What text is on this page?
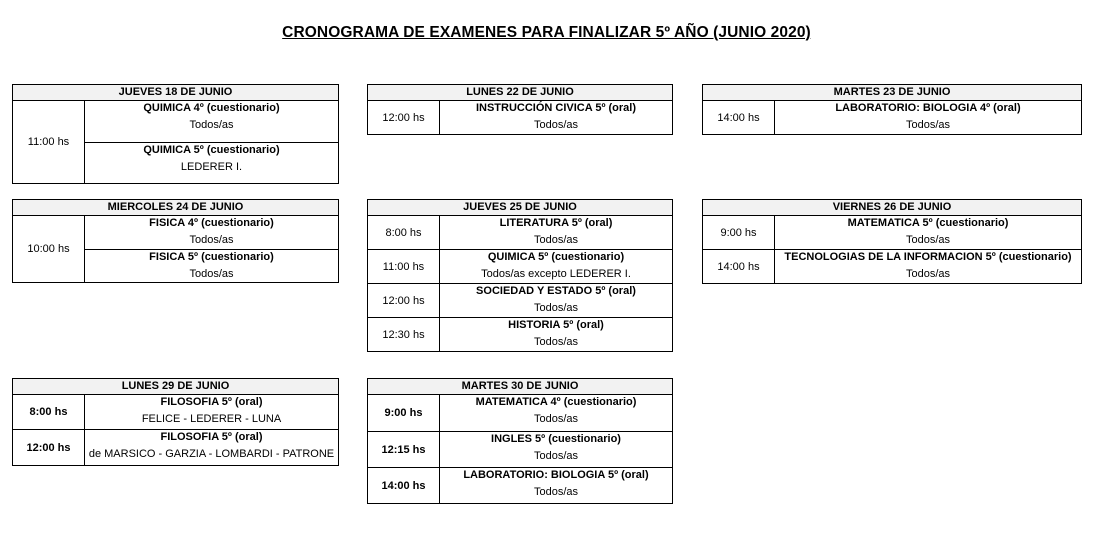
CRONOGRAMA DE EXAMENES PARA FINALIZAR 5º AÑO (JUNIO 2020)
JUEVES 18 DE JUNIO
11:00 hs
QUIMICA 4º (cuestionario)
Todos/as
QUIMICA 5º (cuestionario)
LEDERER I.
LUNES 22 DE JUNIO
12:00 hs
INSTRUCCIÓN CIVICA 5º (oral)
Todos/as
MARTES 23 DE JUNIO
14:00 hs
LABORATORIO: BIOLOGIA 4º (oral)
Todos/as
MIERCOLES 24 DE JUNIO
10:00 hs
FISICA 4º (cuestionario)
Todos/as
FISICA 5º (cuestionario)
Todos/as
JUEVES 25 DE JUNIO
8:00 hs
LITERATURA 5º (oral)
Todos/as
11:00 hs
QUIMICA 5º (cuestionario)
Todos/as excepto LEDERER I.
12:00 hs
SOCIEDAD Y ESTADO 5º (oral)
Todos/as
12:30 hs
HISTORIA 5º (oral)
Todos/as
VIERNES 26 DE JUNIO
9:00 hs
MATEMATICA 5º (cuestionario)
Todos/as
14:00 hs
TECNOLOGIAS DE LA INFORMACION 5º (cuestionario)
Todos/as
LUNES 29 DE JUNIO
8:00 hs
FILOSOFIA 5º (oral)
FELICE - LEDERER - LUNA
12:00 hs
FILOSOFIA 5º (oral)
de MARSICO - GARZIA - LOMBARDI - PATRONE
MARTES 30 DE JUNIO
9:00 hs
MATEMATICA 4º (cuestionario)
Todos/as
12:15 hs
INGLES 5º (cuestionario)
Todos/as
14:00 hs
LABORATORIO: BIOLOGIA 5º (oral)
Todos/as
